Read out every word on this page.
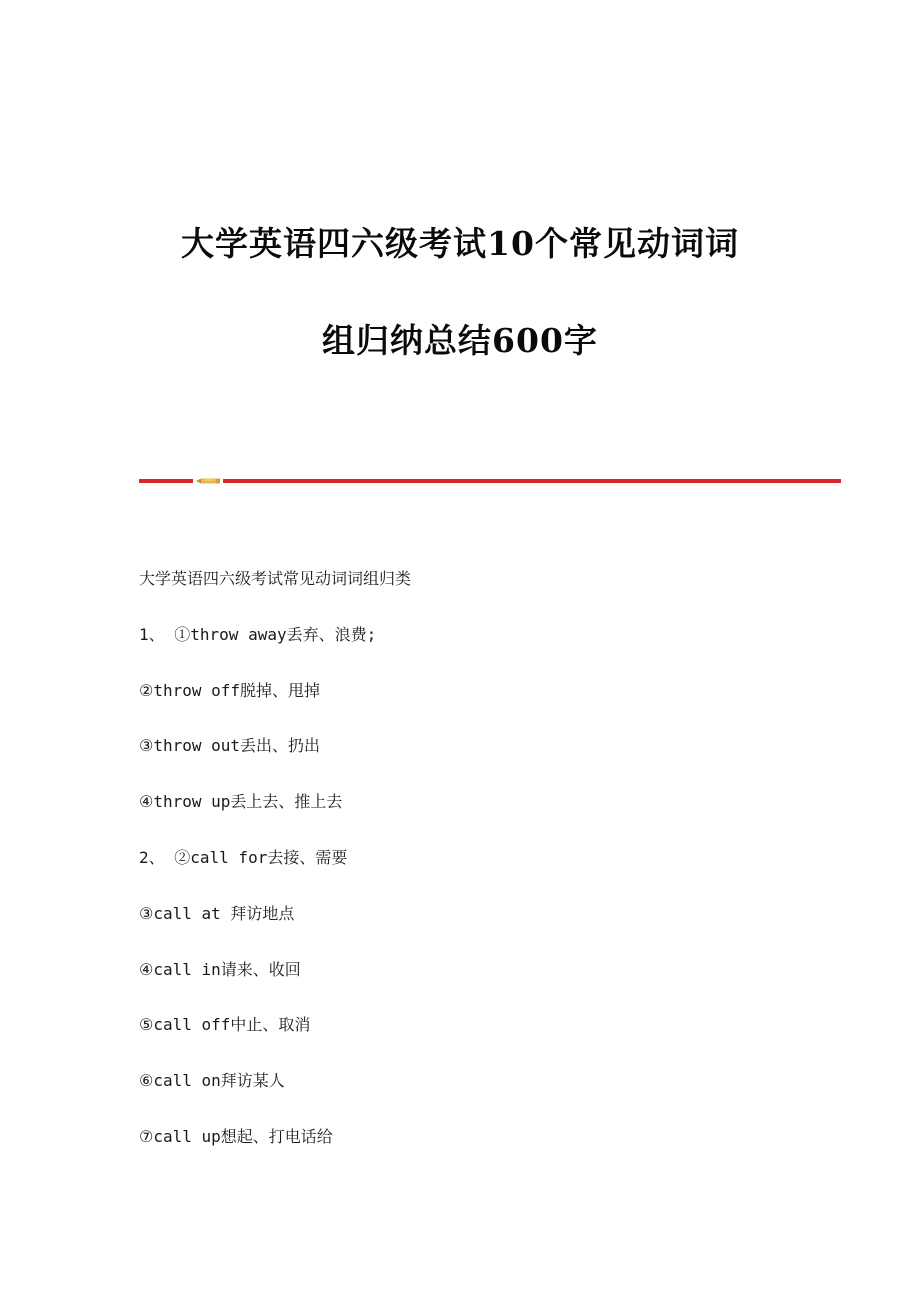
大学英语四六级考试10个常见动词词
组归纳总结600字
大学英语四六级考试常见动词词组归类
1、 ①throw away丢弃、浪费;
②throw off脱掉、甩掉
③throw out丢出、扔出
④throw up丢上去、推上去
2、 ②call for去接、需要
③call at 拜访地点
④call in请来、收回
⑤call off中止、取消
⑥call on拜访某人
⑦call up想起、打电话给
